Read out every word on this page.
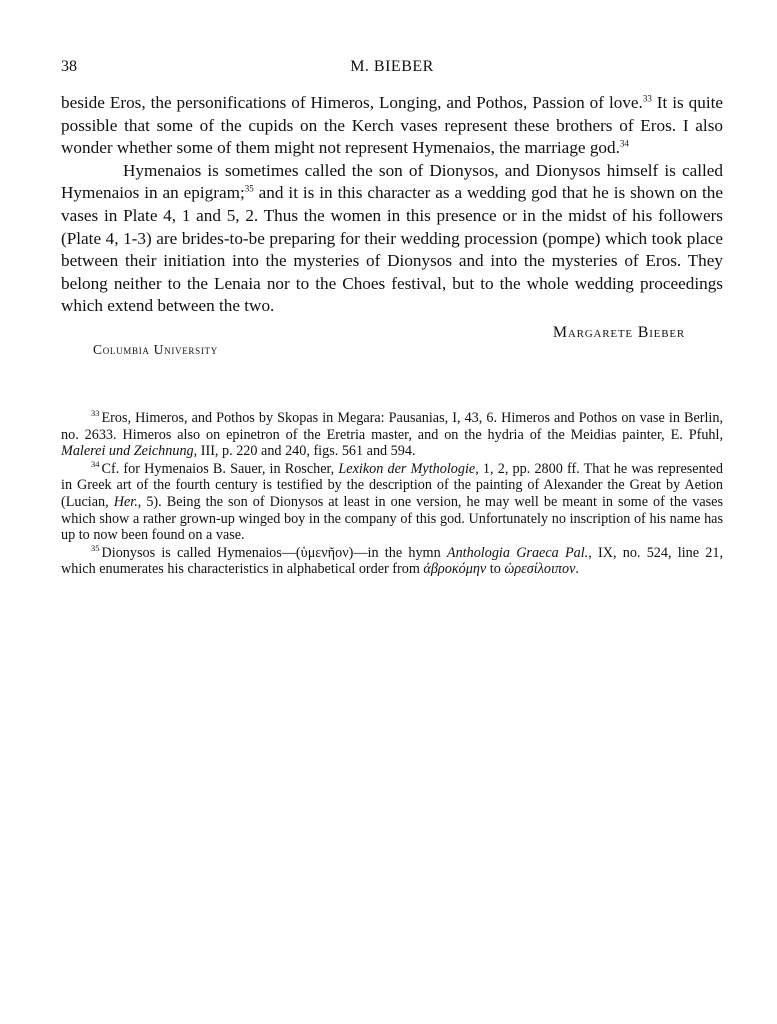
38	M. BIEBER

beside Eros, the personifications of Himeros, Longing, and Pothos, Passion of love.$^{33}$ It is quite possible that some of the cupids on the Kerch vases represent these brothers of Eros. I also wonder whether some of them might not represent Hymenaios, the marriage god.$^{34}$

Hymenaios is sometimes called the son of Dionysos, and Dionysos himself is called Hymenaios in an epigram;$^{35}$ and it is in this character as a wedding god that he is shown on the vases in Plate 4, 1 and 5, 2. Thus the women in this presence or in the midst of his followers (Plate 4, 1-3) are brides-to-be preparing for their wedding procession (pompe) which took place between their initiation into the mysteries of Dionysos and into the mysteries of Eros. They belong neither to the Lenaia nor to the Choes festival, but to the whole wedding proceedings which extend between the two.

Margarete Bieber
Columbia University

$^{33}$ Eros, Himeros, and Pothos by Skopas in Megara: Pausanias, I, 43, 6. Himeros and Pothos on vase in Berlin, no. 2633. Himeros also on epinetron of the Eretria master, and on the hydria of the Meidias painter, E. Pfuhl, Malerei und Zeichnung, III, p. 220 and 240, figs. 561 and 594.

$^{34}$ Cf. for Hymenaios B. Sauer, in Roscher, Lexikon der Mythologie, 1, 2, pp. 2800 ff. That he was represented in Greek art of the fourth century is testified by the description of the painting of Alexander the Great by Aetion (Lucian, Her., 5). Being the son of Dionysos at least in one version, he may well be meant in some of the vases which show a rather grown-up winged boy in the company of this god. Unfortunately no inscription of his name has up to now been found on a vase.

$^{35}$ Dionysos is called Hymenaios—(ὑμενῆον)—in the hymn Anthologia Graeca Pal., IX, no. 524, line 21, which enumerates his characteristics in alphabetical order from ἀβροκόμην to ὡρεσίλοιπον.
